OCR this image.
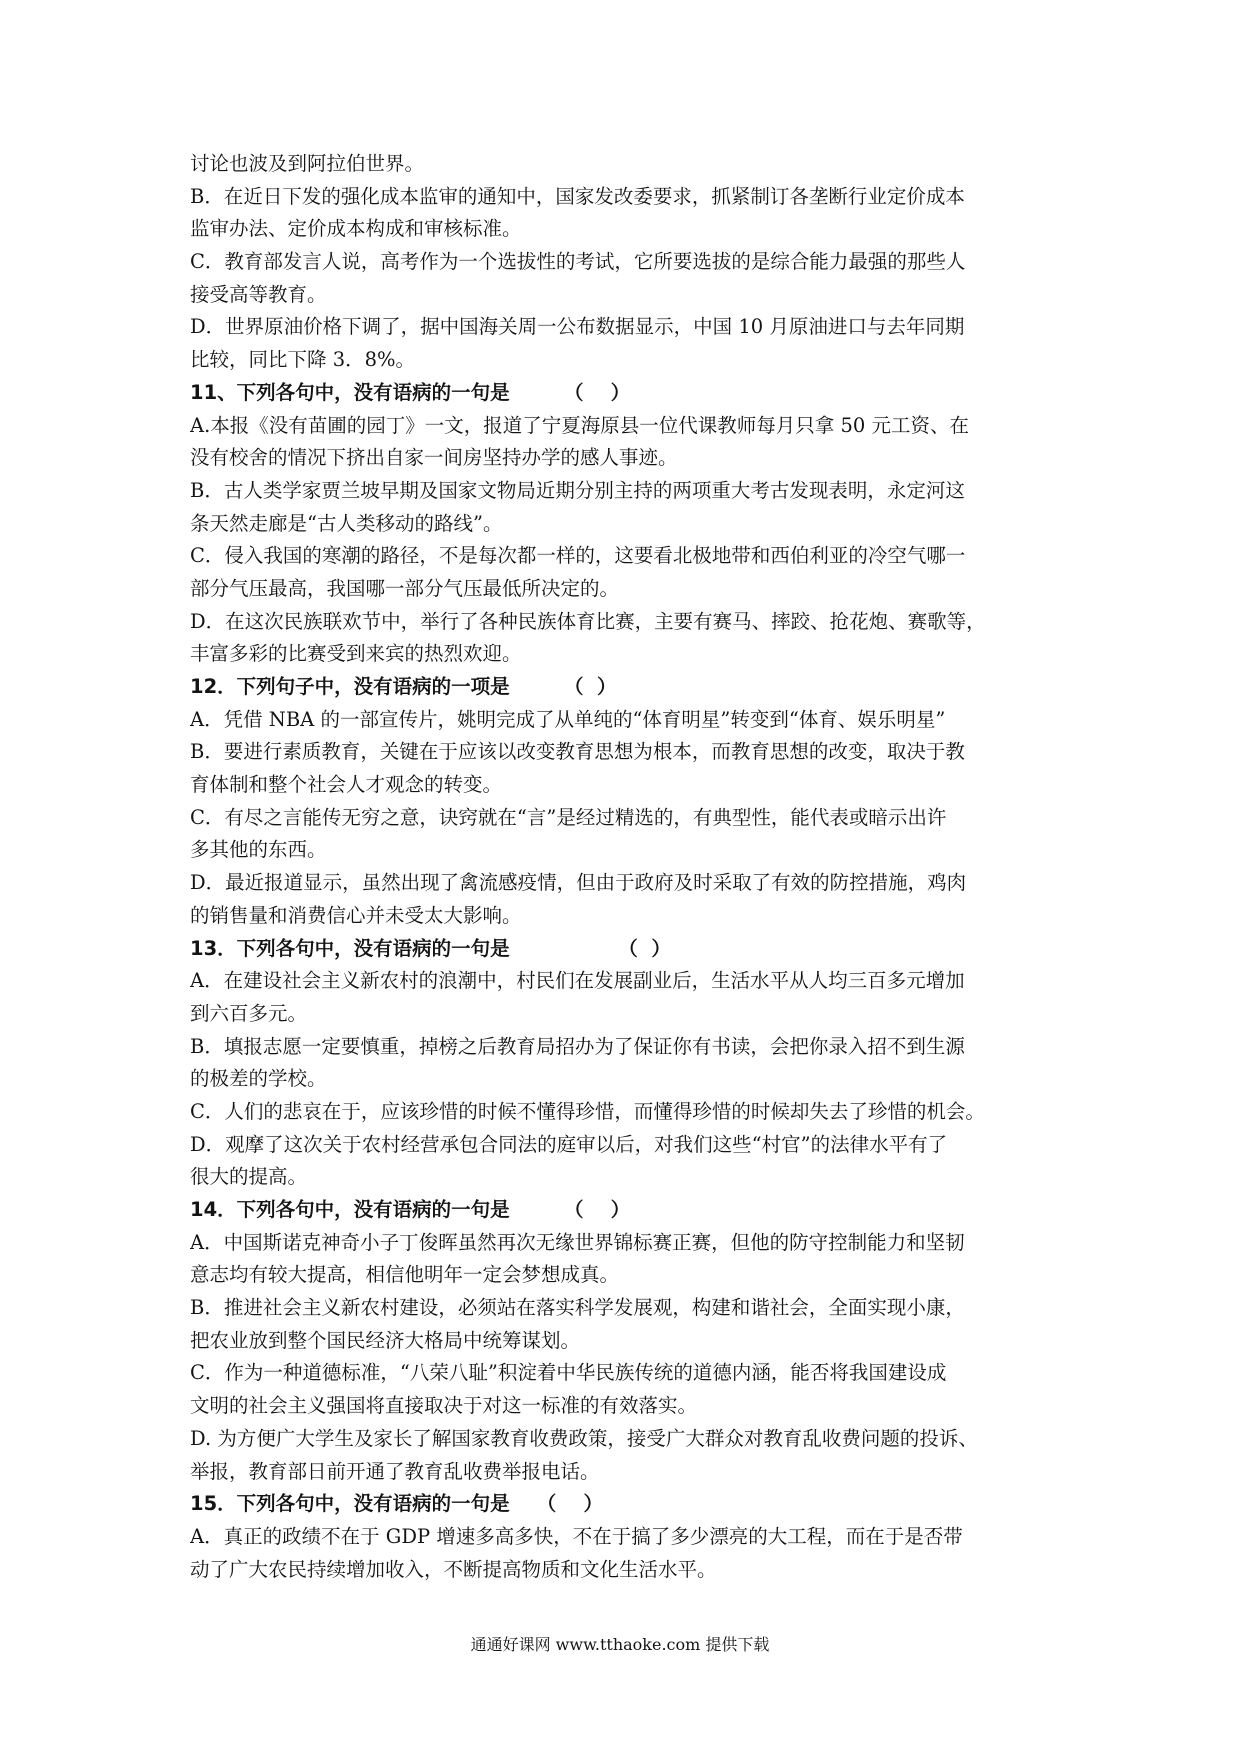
讨论也波及到阿拉伯世界。
B．在近日下发的强化成本监审的通知中，国家发改委要求，抓紧制订各垄断行业定价成本
监审办法、定价成本构成和审核标准。
C．教育部发言人说，高考作为一个选拔性的考试，它所要选拔的是综合能力最强的那些人
接受高等教育。
D．世界原油价格下调了，据中国海关周一公布数据显示，中国 10 月原油进口与去年同期
比较，同比下降 3．8%。
11、下列各句中，没有语病的一句是        （    ）
A.本报《没有苗圃的园丁》一文，报道了宁夏海原县一位代课教师每月只拿 50 元工资、在
没有校舍的情况下挤出自家一间房坚持办学的感人事迹。
B．古人类学家贾兰坡早期及国家文物局近期分别主持的两项重大考古发现表明，永定河这
条天然走廊是“古人类移动的路线”。
C．侵入我国的寒潮的路径，不是每次都一样的，这要看北极地带和西伯利亚的冷空气哪一
部分气压最高，我国哪一部分气压最低所决定的。
D．在这次民族联欢节中，举行了各种民族体育比赛，主要有赛马、摔跤、抢花炮、赛歌等，
丰富多彩的比赛受到来宾的热烈欢迎。
12．下列句子中，没有语病的一项是        （  ）
A．凭借 NBA 的一部宣传片，姚明完成了从单纯的“体育明星”转变到“体育、娱乐明星”
B．要进行素质教育，关键在于应该以改变教育思想为根本，而教育思想的改变，取决于教
育体制和整个社会人才观念的转变。
C．有尽之言能传无穷之意，诀窍就在“言”是经过精选的，有典型性，能代表或暗示出许
多其他的东西。
D．最近报道显示，虽然出现了禽流感疫情，但由于政府及时采取了有效的防控措施，鸡肉
的销售量和消费信心并未受太大影响。
13．下列各句中，没有语病的一句是                （  ）
A．在建设社会主义新农村的浪潮中，村民们在发展副业后，生活水平从人均三百多元增加
到六百多元。
B．填报志愿一定要慎重，掉榜之后教育局招办为了保证你有书读，会把你录入招不到生源
的极差的学校。
C．人们的悲哀在于，应该珍惜的时候不懂得珍惜，而懂得珍惜的时候却失去了珍惜的机会。
D．观摩了这次关于农村经营承包合同法的庭审以后，对我们这些“村官”的法律水平有了
很大的提高。
14．下列各句中，没有语病的一句是        （    ）
A．中国斯诺克神奇小子丁俊晖虽然再次无缘世界锦标赛正赛，但他的防守控制能力和坚韧
意志均有较大提高，相信他明年一定会梦想成真。
B．推进社会主义新农村建设，必须站在落实科学发展观，构建和谐社会，全面实现小康，
把农业放到整个国民经济大格局中统筹谋划。
C．作为一种道德标准，“八荣八耻”积淀着中华民族传统的道德内涵，能否将我国建设成
文明的社会主义强国将直接取决于对这一标准的有效落实。
D. 为方便广大学生及家长了解国家教育收费政策，接受广大群众对教育乱收费问题的投诉、
举报，教育部日前开通了教育乱收费举报电话。
15．下列各句中，没有语病的一句是    （    ）
A．真正的政绩不在于 GDP 增速多高多快，不在于搞了多少漂亮的大工程，而在于是否带
动了广大农民持续增加收入，不断提高物质和文化生活水平。
通通好课网 www.tthaoke.com 提供下载
